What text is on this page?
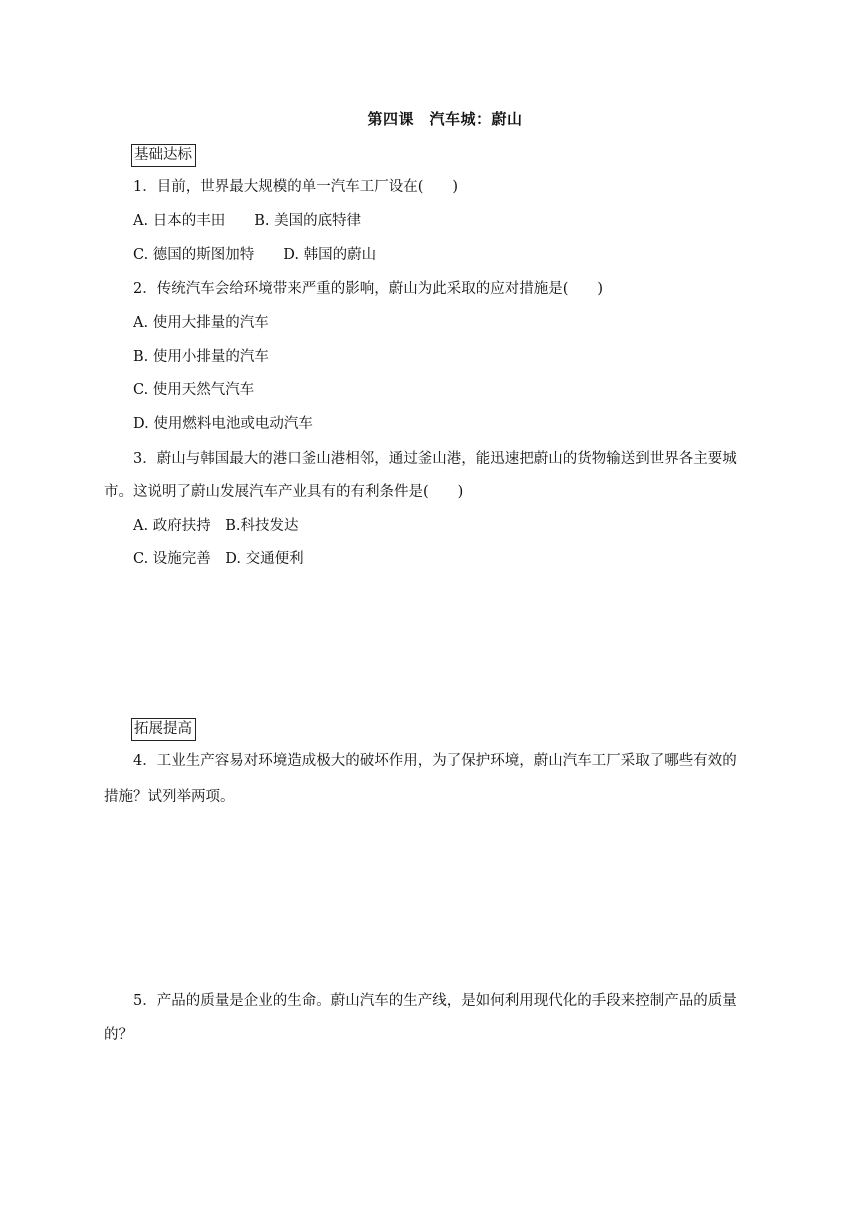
第四课　汽车城：蔚山
基础达标
1．目前，世界最大规模的单一汽车工厂设在(　　)
A. 日本的丰田　　B. 美国的底特律
C. 德国的斯图加特　　D. 韩国的蔚山
2．传统汽车会给环境带来严重的影响，蔚山为此采取的应对措施是(　　)
A. 使用大排量的汽车
B. 使用小排量的汽车
C. 使用天然气汽车
D. 使用燃料电池或电动汽车
3．蔚山与韩国最大的港口釜山港相邻，通过釜山港，能迅速把蔚山的货物输送到世界各主要城
市。这说明了蔚山发展汽车产业具有的有利条件是(　　)
A. 政府扶持　B.科技发达
C. 设施完善　D. 交通便利
拓展提高
4．工业生产容易对环境造成极大的破坏作用，为了保护环境，蔚山汽车工厂采取了哪些有效的
措施？试列举两项。
5．产品的质量是企业的生命。蔚山汽车的生产线，是如何利用现代化的手段来控制产品的质量
的？
